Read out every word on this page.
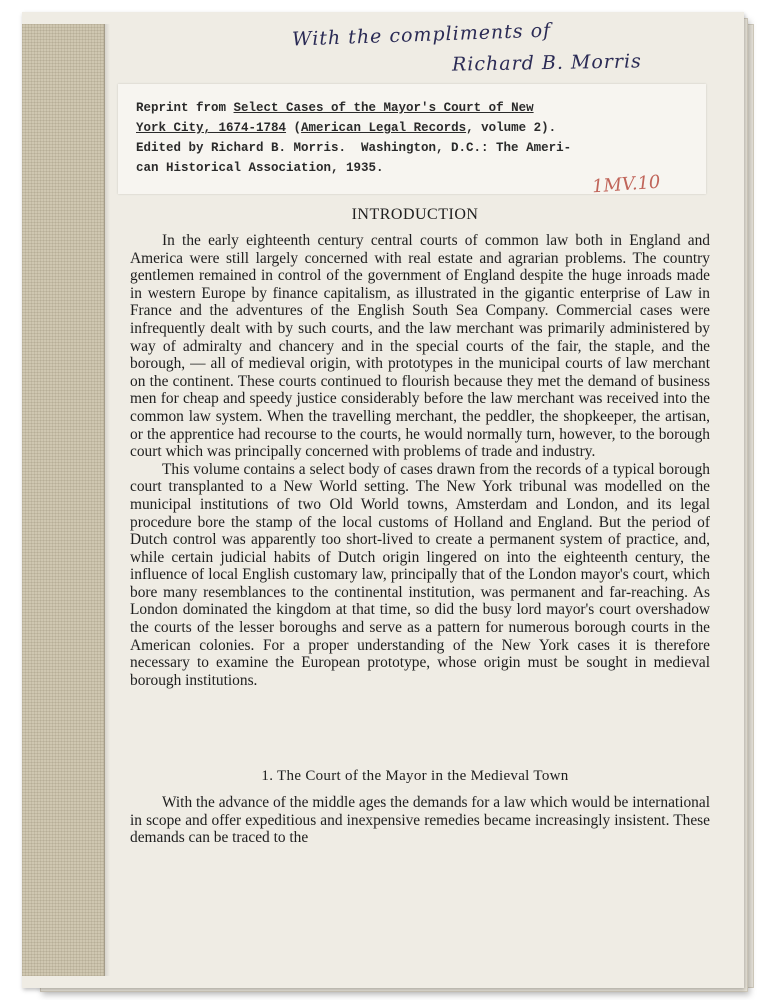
With the compliments of
Richard B. Morris
Reprint from Select Cases of the Mayor's Court of New
York City, 1674-1784 (American Legal Records, volume 2).
Edited by Richard B. Morris.  Washington, D.C.: The Ameri-
can Historical Association, 1935.
1MV.10
INTRODUCTION

In the early eighteenth century central courts of common law both in England and America were still largely concerned with real estate and agrarian problems. The country gentlemen remained in control of the government of England despite the huge inroads made in western Europe by finance capitalism, as illustrated in the gigantic enterprise of Law in France and the adventures of the English South Sea Company. Commercial cases were infrequently dealt with by such courts, and the law merchant was primarily administered by way of admiralty and chancery and in the special courts of the fair, the staple, and the borough, — all of medieval origin, with prototypes in the municipal courts of law merchant on the continent. These courts continued to flourish because they met the demand of business men for cheap and speedy justice considerably before the law merchant was received into the common law system. When the travelling merchant, the peddler, the shopkeeper, the artisan, or the apprentice had recourse to the courts, he would normally turn, however, to the borough court which was principally concerned with problems of trade and industry.

This volume contains a select body of cases drawn from the records of a typical borough court transplanted to a New World setting. The New York tribunal was modelled on the municipal institutions of two Old World towns, Amsterdam and London, and its legal procedure bore the stamp of the local customs of Holland and England. But the period of Dutch control was apparently too short-lived to create a permanent system of practice, and, while certain judicial habits of Dutch origin lingered on into the eighteenth century, the influence of local English customary law, principally that of the London mayor's court, which bore many resemblances to the continental institution, was permanent and far-reaching. As London dominated the kingdom at that time, so did the busy lord mayor's court overshadow the courts of the lesser boroughs and serve as a pattern for numerous borough courts in the American colonies. For a proper understanding of the New York cases it is therefore necessary to examine the European prototype, whose origin must be sought in medieval borough institutions.

1. The Court of the Mayor in the Medieval Town

With the advance of the middle ages the demands for a law which would be international in scope and offer expeditious and inexpensive remedies became increasingly insistent. These demands can be traced to the
